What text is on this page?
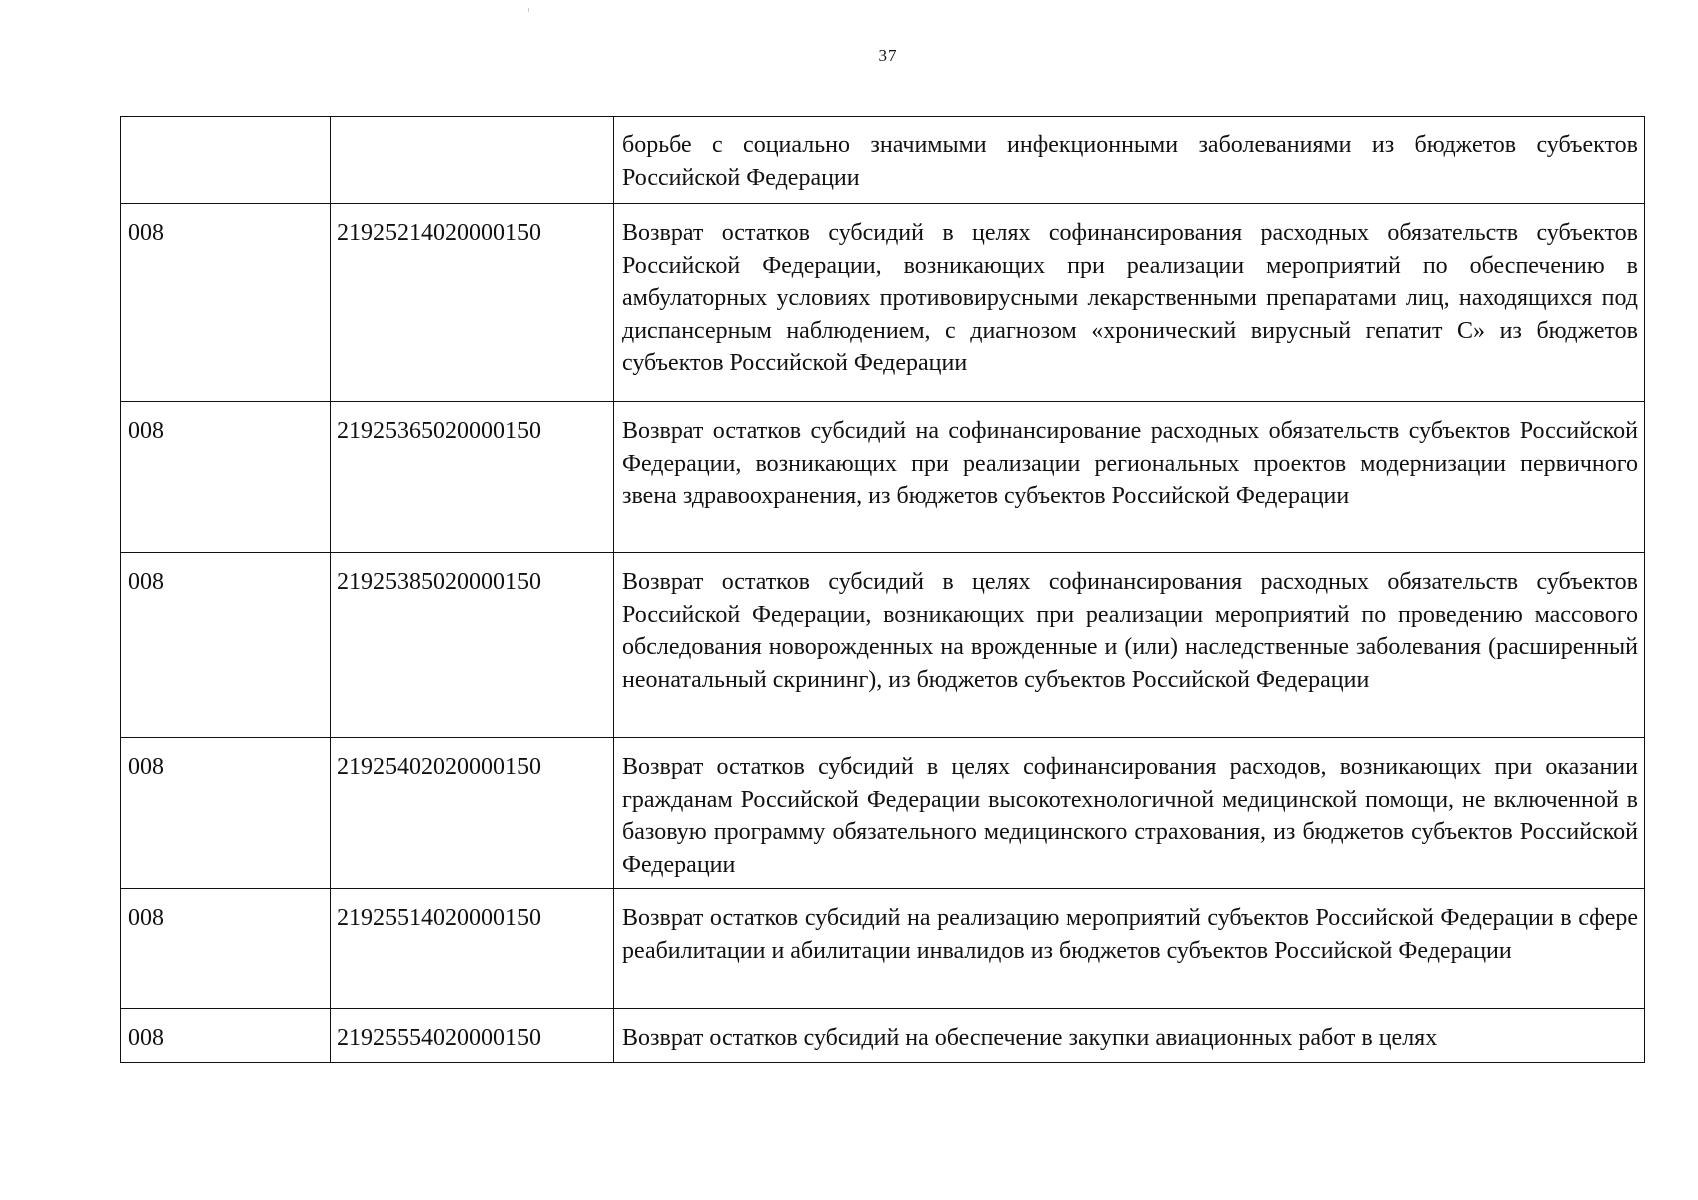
37
		борьбе с социально значимыми инфекционными заболеваниями из бюджетов субъектов Российской Федерации
008	21925214020000150	Возврат остатков субсидий в целях софинансирования расходных обязательств субъектов Российской Федерации, возникающих при реализации мероприятий по обеспечению в амбулаторных условиях противовирусными лекарственными препаратами лиц, находящихся под диспансерным наблюдением, с диагнозом «хронический вирусный гепатит С» из бюджетов субъектов Российской Федерации
008	21925365020000150	Возврат остатков субсидий на софинансирование расходных обязательств субъектов Российской Федерации, возникающих при реализации региональных проектов модернизации первичного звена здравоохранения, из бюджетов субъектов Российской Федерации
008	21925385020000150	Возврат остатков субсидий в целях софинансирования расходных обязательств субъектов Российской Федерации, возникающих при реализации мероприятий по проведению массового обследования новорожденных на врожденные и (или) наследственные заболевания (расширенный неонатальный скрининг), из бюджетов субъектов Российской Федерации
008	21925402020000150	Возврат остатков субсидий в целях софинансирования расходов, возникающих при оказании гражданам Российской Федерации высокотехнологичной медицинской помощи, не включенной в базовую программу обязательного медицинского страхования, из бюджетов субъектов Российской Федерации
008	21925514020000150	Возврат остатков субсидий на реализацию мероприятий субъектов Российской Федерации в сфере реабилитации и абилитации инвалидов из бюджетов субъектов Российской Федерации
008	21925554020000150	Возврат остатков субсидий на обеспечение закупки авиационных работ в целях
